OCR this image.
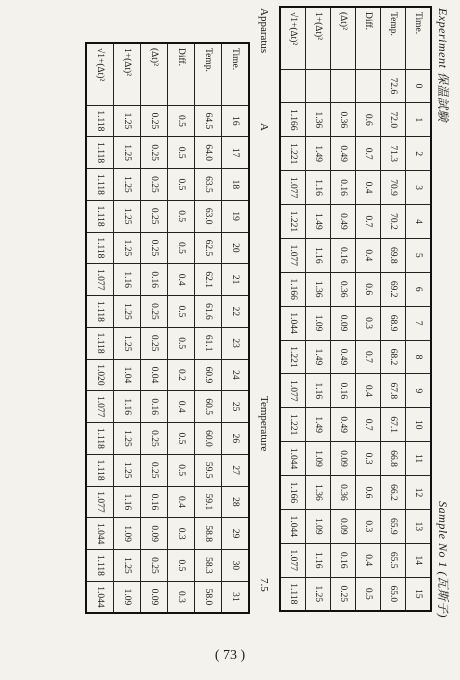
Experiment 保温試験
Sample No 1 (瓦斯子)
Time.	0	1	2	3	4	5	6	7	8	9	10	11	12	13	14	15
Temp.	72.6	72.0	71.3	70.9	70.2	69.8	69.2	68.9	68.2	67.8	67.1	66.8	66.2	65.9	65.5	65.0
Diff.		0.6	0.7	0.4	0.7	0.4	0.6	0.3	0.7	0.4	0.7	0.3	0.6	0.3	0.4	0.5
(Δt)²		0.36	0.49	0.16	0.49	0.16	0.36	0.09	0.49	0.16	0.49	0.09	0.36	0.09	0.16	0.25
1+(Δt)²		1.36	1.49	1.16	1.49	1.16	1.36	1.09	1.49	1.16	1.49	1.09	1.36	1.09	1.16	1.25
√1+(Δt)²		1.166	1.221	1.077	1.221	1.077	1.166	1.044	1.221	1.077	1.221	1.044	1.166	1.044	1.077	1.118
Apparatus
A
Temperature
7.5
Time.	16	17	18	19	20	21	22	23	24	25	26	27	28	29	30	31
Temp.	64.5	64.0	63.5	63.0	62.5	62.1	61.6	61.1	60.9	60.5	60.0	59.5	59.1	58.8	58.3	58.0
Diff.	0.5	0.5	0.5	0.5	0.5	0.4	0.5	0.5	0.2	0.4	0.5	0.5	0.4	0.3	0.5	0.3
(Δt)²	0.25	0.25	0.25	0.25	0.25	0.16	0.25	0.25	0.04	0.16	0.25	0.25	0.16	0.09	0.25	0.09
1+(Δt)²	1.25	1.25	1.25	1.25	1.25	1.16	1.25	1.25	1.04	1.16	1.25	1.25	1.16	1.09	1.25	1.09
√1+(Δt)²	1.118	1.118	1.118	1.118	1.118	1.077	1.118	1.118	1.020	1.077	1.118	1.118	1.077	1.044	1.118	1.044
( 73 )
